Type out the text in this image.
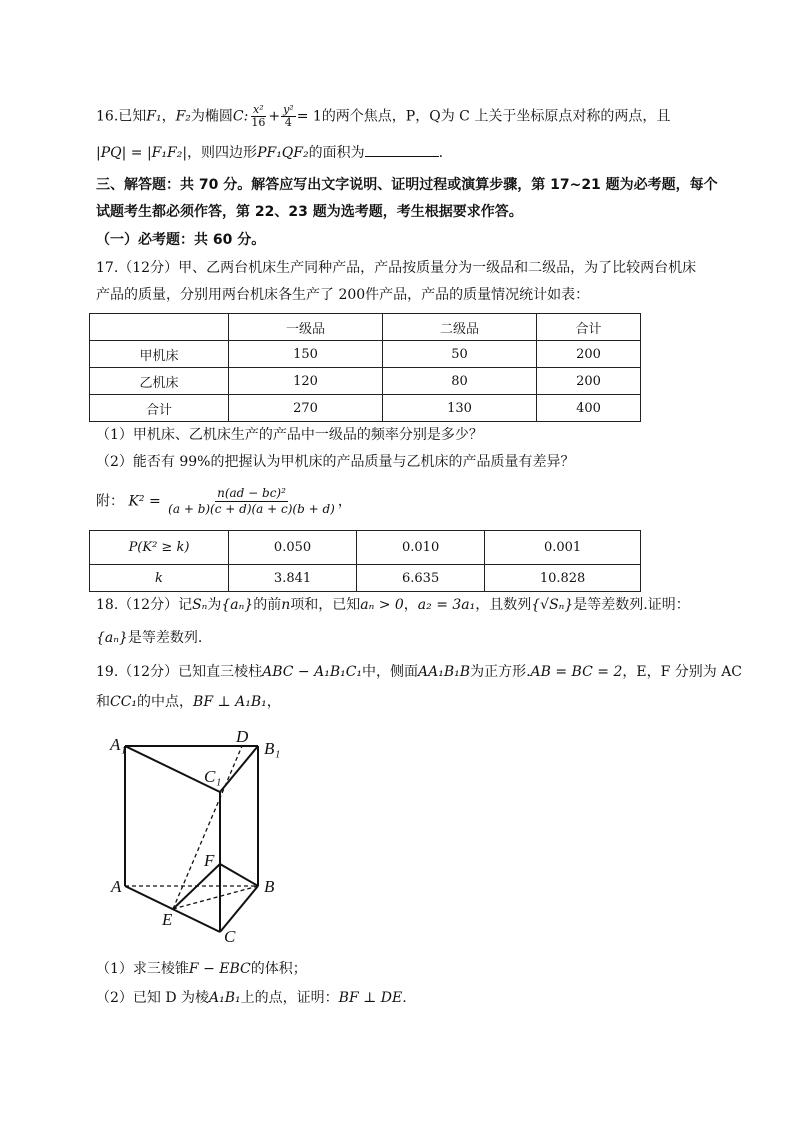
16.已知F₁，F₂为椭圆C: $\frac{\text{x²}}{16} + \frac{\text{y²}}{4} = 1$的两个焦点，P，Q为 C 上关于坐标原点对称的两点，且
|PQ| = |F₁F₂|，则四边形PF₁QF₂的面积为	.
三、解答题：共 70 分。解答应写出文字说明、证明过程或演算步骤，第 17~21 题为必考题，每个
试题考生都必须作答，第 22、23 题为选考题，考生根据要求作答。
（一）必考题：共 60 分。
17.（12分）甲、乙两台机床生产同种产品，产品按质量分为一级品和二级品，为了比较两台机床
产品的质量，分别用两台机床各生产了 200件产品，产品的质量情况统计如表：
	一级品	二级品	合计
甲机床	150	50	200
乙机床	120	80	200
合计	270	130	400
（1）甲机床、乙机床生产的产品中一级品的频率分别是多少？
（2）能否有 99%的把握认为甲机床的产品质量与乙机床的产品质量有差异？
附： $K^2 = \frac{\text{n(ad − bc)²}}{(a + b)(c + d)(a + c)(b + d)}$ ，
P(K² ≥ k)	0.050	0.010	0.001
k	3.841	6.635	10.828
18.（12分）记Sₙ为{aₙ}的前n项和，已知aₙ > 0，a₂ = 3a₁，且数列{√Sₙ}是等差数列.证明：
{aₙ}是等差数列.
19.（12分）已知直三棱柱ABC − A₁B₁C₁中，侧面AA₁B₁B为正方形.AB = BC = 2，E，F 分别为 AC
和CC₁的中点，BF ⊥ A₁B₁，
A₁	B₁
C₁
D
F
A	B
E
C
（1）求三棱锥F − EBC的体积；
（2）已知 D 为棱A₁B₁上的点，证明：BF ⊥ DE.
